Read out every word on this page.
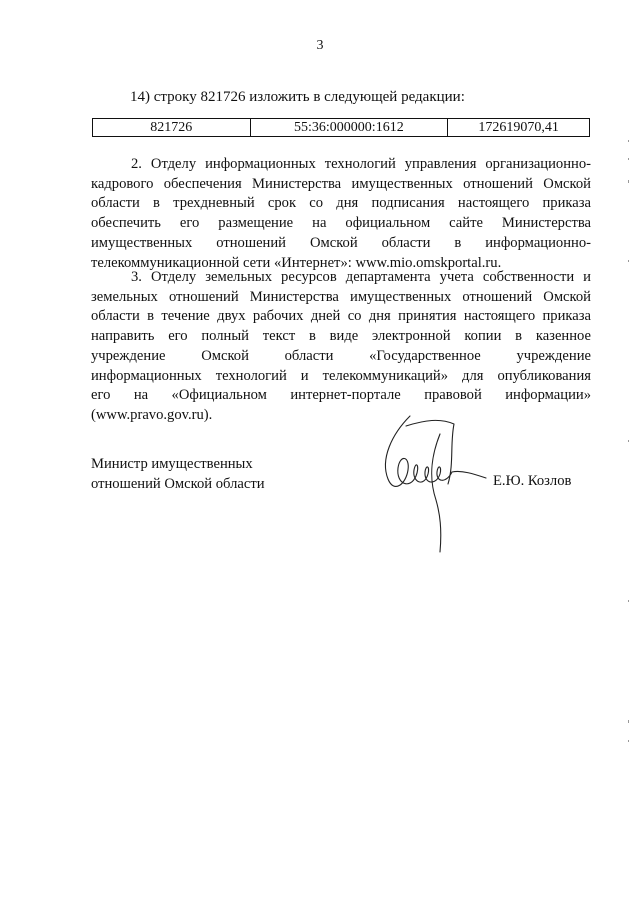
3
14) строку 821726 изложить в следующей редакции:
821726	55:36:000000:1612	172619070,41
2. Отделу информационных технологий управления организационно-
кадрового обеспечения Министерства имущественных отношений Омской
области в трехдневный срок со дня подписания настоящего приказа
обеспечить его размещение на официальном сайте Министерства
имущественных отношений Омской области в информационно-
телекоммуникационной сети «Интернет»: www.mio.omskportal.ru.
3. Отделу земельных ресурсов департамента учета собственности и
земельных отношений Министерства имущественных отношений Омской
области в течение двух рабочих дней со дня принятия настоящего приказа
направить его полный текст в виде электронной копии в казенное
учреждение Омской области «Государственное учреждение
информационных технологий и телекоммуникаций» для опубликования
его на «Официальном интернет-портале правовой информации»
(www.pravo.gov.ru).
Министр имущественных
отношений Омской области	Е.Ю. Козлов
